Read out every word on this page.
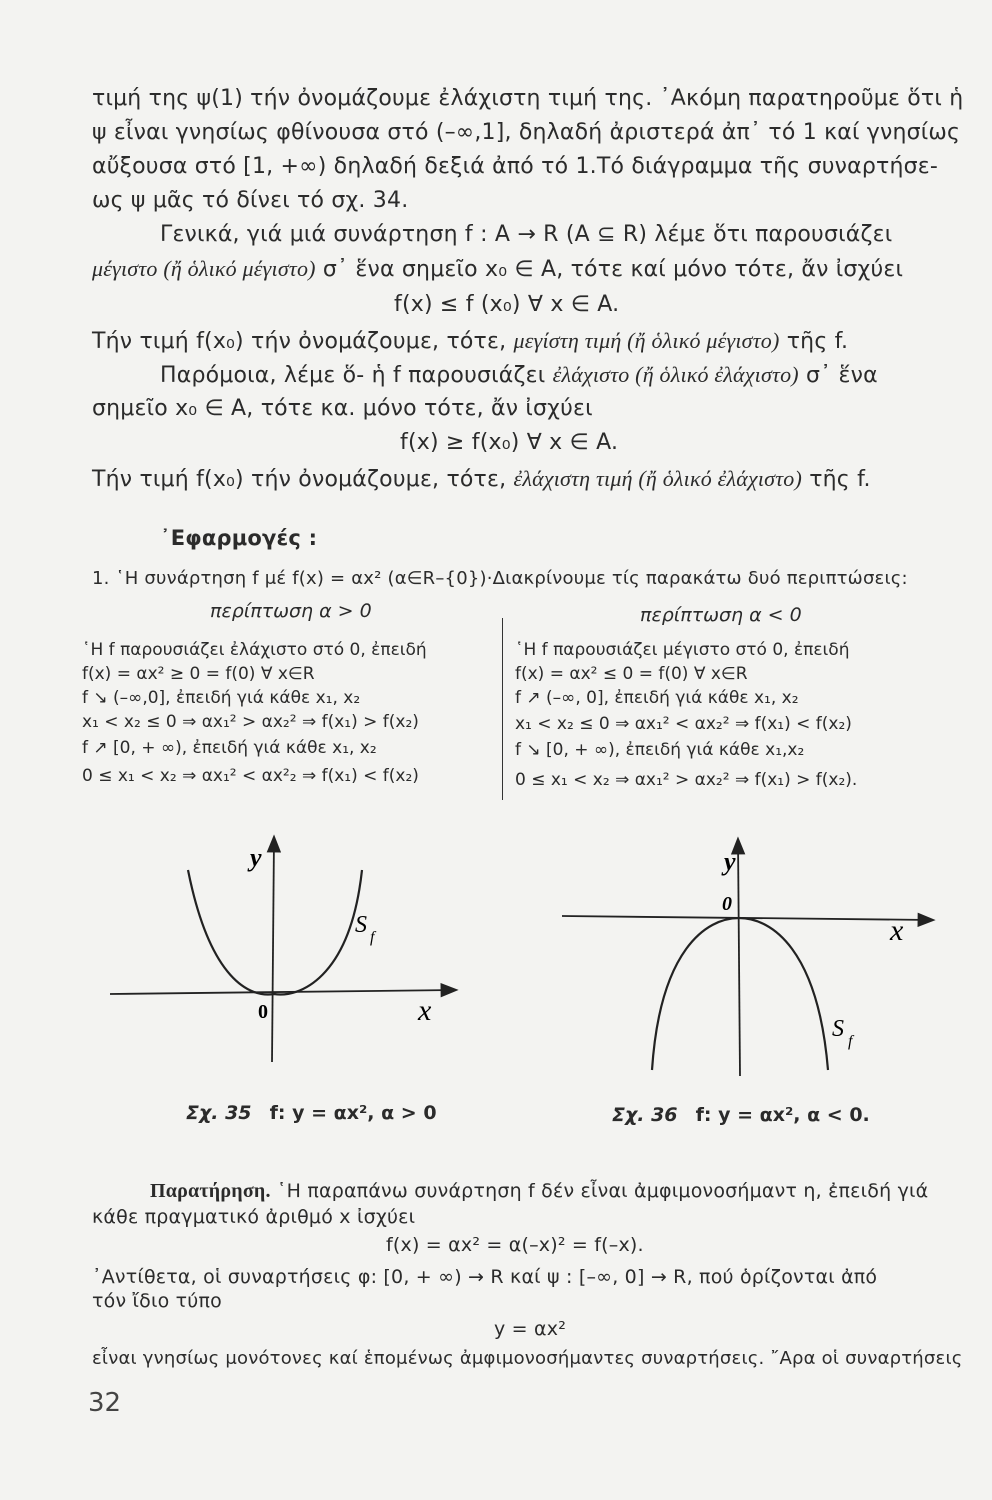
τιμή της ψ(1) τήν ὀνομάζουμε ἐλάχιστη τιμή της. ᾿Ακόμη παρατηροῦμε ὅτι ἡ
ψ εἶναι γνησίως φθίνουσα στό (–∞,1], δηλαδή ἀριστερά ἀπ᾿ τό 1 καί γνησίως
αὔξουσα στό [1, +∞) δηλαδή δεξιά ἀπό τό 1.Τό διάγραμμα τῆς συναρτήσε-
ως ψ μᾶς τό δίνει τό σχ. 34.
Γενικά, γιά μιά συνάρτηση f : A → R (A ⊆ R) λέμε ὅτι παρουσιάζει
μέγιστο (ἤ ὁλικό μέγιστο) σ᾿ ἕνα σημεῖο x₀ ∈ A, τότε καί μόνο τότε, ἄν ἰσχύει
f(x) ≤ f (x₀) ∀ x ∈ A.
Τήν τιμή f(x₀) τήν ὀνομάζουμε, τότε, μεγίστη τιμή (ἤ ὁλικό μέγιστο) τῆς f.
Παρόμοια, λέμε ὅ- ἡ f παρουσιάζει ἐλάχιστο (ἤ ὁλικό ἐλάχιστο) σ᾿ ἕνα
σημεῖο x₀ ∈ A, τότε κα. μόνο τότε, ἄν ἰσχύει
f(x) ≥ f(x₀) ∀ x ∈ A.
Τήν τιμή f(x₀) τήν ὀνομάζουμε, τότε, ἐλάχιστη τιμή (ἤ ὁλικό ἐλάχιστο) τῆς f.
᾿Εφαρμογές :
1. ῾Η συνάρτηση f μέ f(x) = αx² (α∈R–{0})·Διακρίνουμε τίς παρακάτω δυό περιπτώσεις:
περίπτωση α > 0	περίπτωση α < 0
῾Η f παρουσιάζει ἐλάχιστο στό 0, ἐπειδή
f(x) = αx² ≥ 0 = f(0) ∀ x∈R
f ↘ (–∞,0], ἐπειδή γιά κάθε x₁, x₂
x₁ < x₂ ≤ 0 ⇒ αx₁² > αx₂² ⇒ f(x₁) > f(x₂)
f ↗ [0, + ∞), ἐπειδή γιά κάθε x₁, x₂
0 ≤ x₁ < x₂ ⇒ αx₁² < αx²₂ ⇒ f(x₁) < f(x₂)
῾Η f παρουσιάζει μέγιστο στό 0, ἐπειδή
f(x) = αx² ≤ 0 = f(0) ∀ x∈R
f ↗ (–∞, 0], ἐπειδή γιά κάθε x₁, x₂
x₁ < x₂ ≤ 0 ⇒ αx₁² < αx₂² ⇒ f(x₁) < f(x₂)
f ↘ [0, + ∞), ἐπειδή γιά κάθε x₁,x₂
0 ≤ x₁ < x₂ ⇒ αx₁² > αx₂² ⇒ f(x₁) > f(x₂).
y
x
0
S f
Σχ. 35 f: y = αx², α > 0
y
x
0
S f
Σχ. 36 f: y = αx², α < 0.
Παρατήρηση. ῾Η παραπάνω συνάρτηση f δέν εἶναι ἀμφιμονοσήμαντ η, ἐπειδή γιά
κάθε πραγματικό ἀριθμό x ἰσχύει
f(x) = αx² = α(–x)² = f(–x).
᾿Αντίθετα, οἱ συναρτήσεις φ: [0, + ∞) → R καί ψ : [–∞, 0] → R, πού ὁρίζονται ἀπό
τόν ἴδιο τύπο
y = αx²
εἶναι γνησίως μονότονες καί ἑπομένως ἀμφιμονοσήμαντες συναρτήσεις. ῎Αρα οἱ συναρτήσεις
32
